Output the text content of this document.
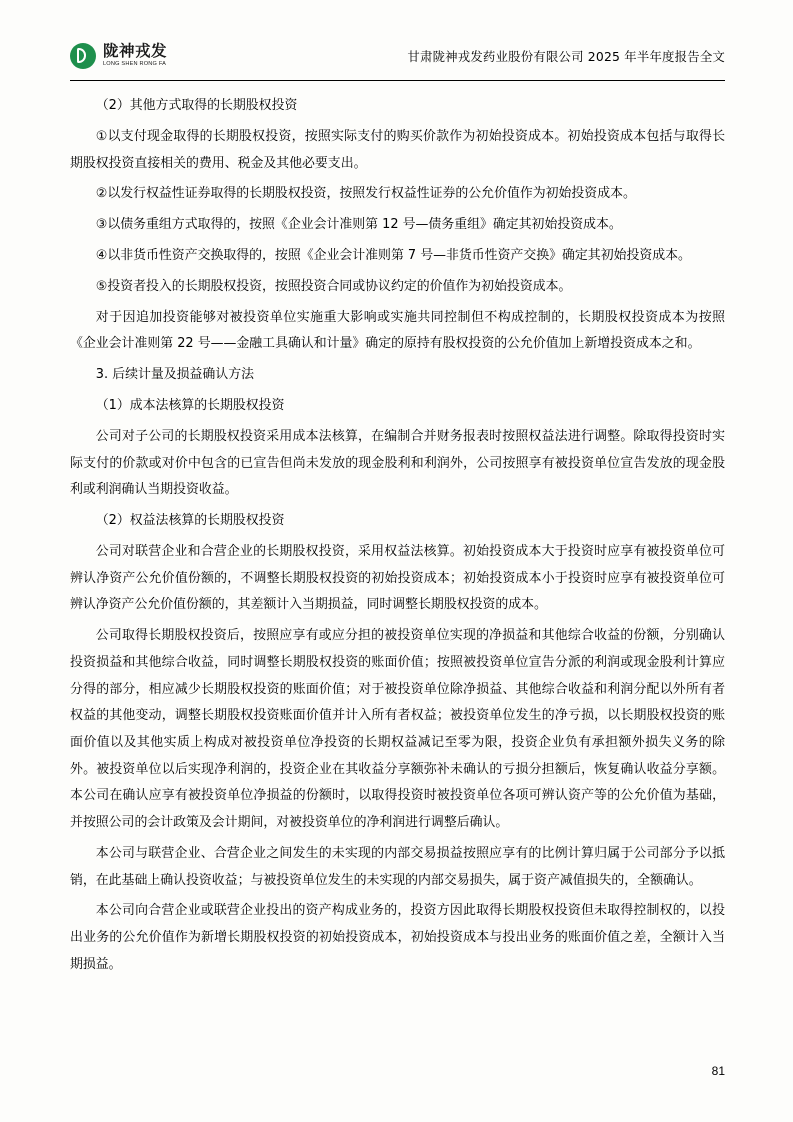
陇神戎发
LONG SHEN RONG FA
甘肃陇神戎发药业股份有限公司 2025 年半年度报告全文

（2）其他方式取得的长期股权投资

①以支付现金取得的长期股权投资，按照实际支付的购买价款作为初始投资成本。初始投资成本包括与取得长期股权投资直接相关的费用、税金及其他必要支出。

②以发行权益性证券取得的长期股权投资，按照发行权益性证券的公允价值作为初始投资成本。

③以债务重组方式取得的，按照《企业会计准则第 12 号—债务重组》确定其初始投资成本。

④以非货币性资产交换取得的，按照《企业会计准则第 7 号—非货币性资产交换》确定其初始投资成本。

⑤投资者投入的长期股权投资，按照投资合同或协议约定的价值作为初始投资成本。

对于因追加投资能够对被投资单位实施重大影响或实施共同控制但不构成控制的，长期股权投资成本为按照《企业会计准则第 22 号——金融工具确认和计量》确定的原持有股权投资的公允价值加上新增投资成本之和。

3. 后续计量及损益确认方法

（1）成本法核算的长期股权投资

公司对子公司的长期股权投资采用成本法核算，在编制合并财务报表时按照权益法进行调整。除取得投资时实际支付的价款或对价中包含的已宣告但尚未发放的现金股利和利润外，公司按照享有被投资单位宣告发放的现金股利或利润确认当期投资收益。

（2）权益法核算的长期股权投资

公司对联营企业和合营企业的长期股权投资，采用权益法核算。初始投资成本大于投资时应享有被投资单位可辨认净资产公允价值份额的，不调整长期股权投资的初始投资成本；初始投资成本小于投资时应享有被投资单位可辨认净资产公允价值份额的，其差额计入当期损益，同时调整长期股权投资的成本。

公司取得长期股权投资后，按照应享有或应分担的被投资单位实现的净损益和其他综合收益的份额，分别确认投资损益和其他综合收益，同时调整长期股权投资的账面价值；按照被投资单位宣告分派的利润或现金股利计算应分得的部分，相应减少长期股权投资的账面价值；对于被投资单位除净损益、其他综合收益和利润分配以外所有者权益的其他变动，调整长期股权投资账面价值并计入所有者权益；被投资单位发生的净亏损，以长期股权投资的账面价值以及其他实质上构成对被投资单位净投资的长期权益减记至零为限，投资企业负有承担额外损失义务的除外。被投资单位以后实现净利润的，投资企业在其收益分享额弥补未确认的亏损分担额后，恢复确认收益分享额。本公司在确认应享有被投资单位净损益的份额时，以取得投资时被投资单位各项可辨认资产等的公允价值为基础，并按照公司的会计政策及会计期间，对被投资单位的净利润进行调整后确认。

本公司与联营企业、合营企业之间发生的未实现的内部交易损益按照应享有的比例计算归属于公司部分予以抵销，在此基础上确认投资收益；与被投资单位发生的未实现的内部交易损失，属于资产减值损失的，全额确认。

本公司向合营企业或联营企业投出的资产构成业务的，投资方因此取得长期股权投资但未取得控制权的，以投出业务的公允价值作为新增长期股权投资的初始投资成本，初始投资成本与投出业务的账面价值之差，全额计入当期损益。

81
